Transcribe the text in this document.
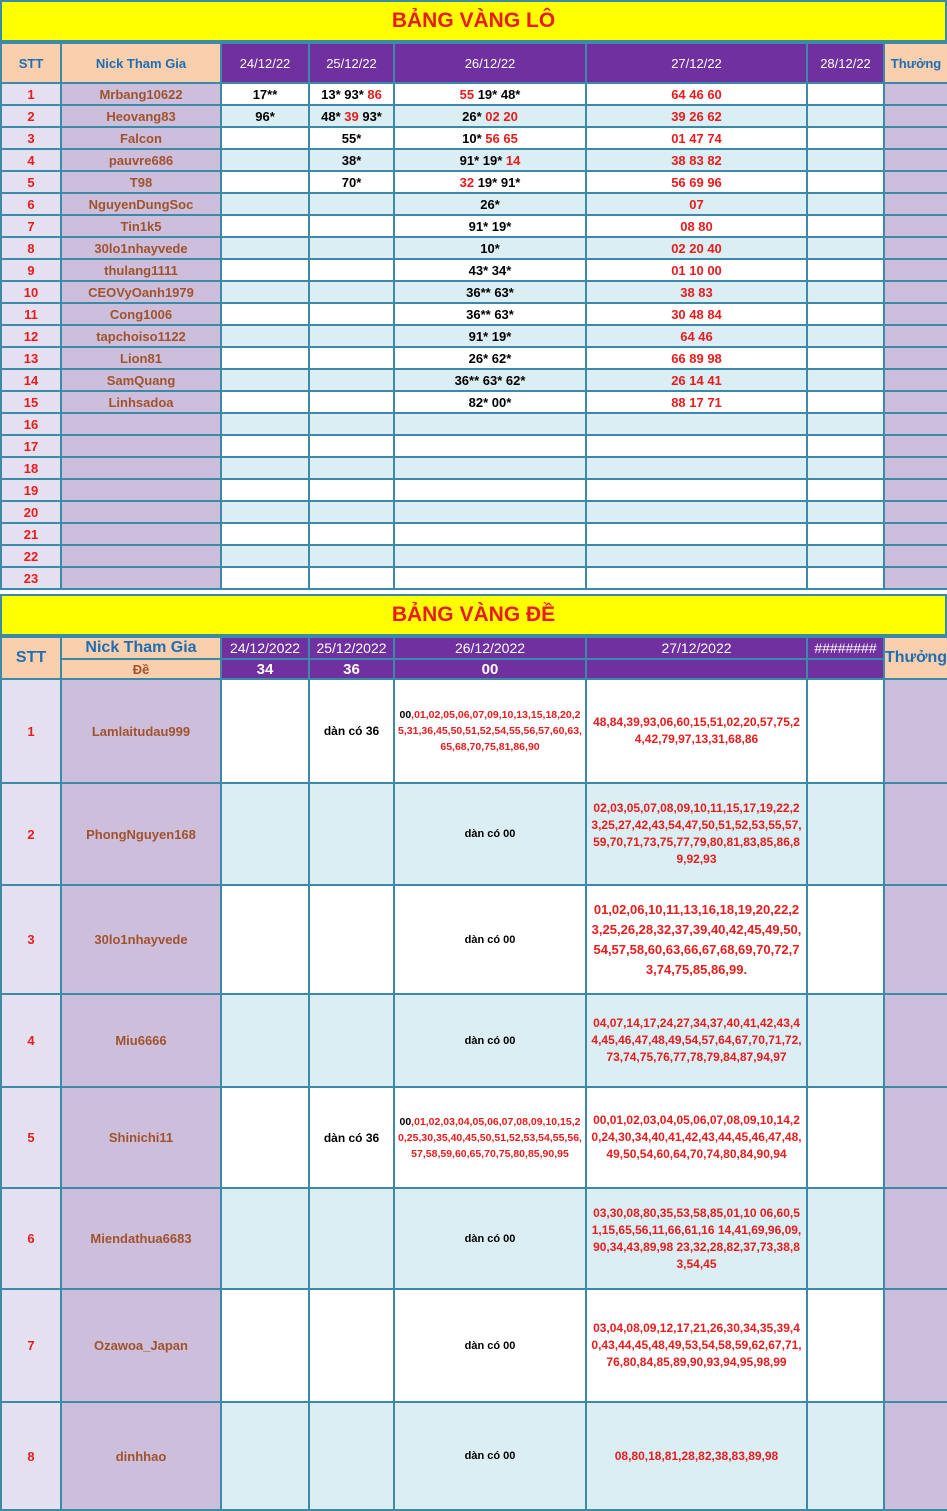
BẢNG VÀNG LÔ
STT	Nick Tham Gia	24/12/22	25/12/22	26/12/22	27/12/22	28/12/22	Thưởng
1	Mrbang10622	17**	13* 93* 86	55 19* 48*	64 46 60		
2	Heovang83	96*	48* 39 93*	26* 02 20	39 26 62		
3	Falcon		55*	10* 56 65	01 47 74		
4	pauvre686		38*	91* 19* 14	38 83 82		
5	T98		70*	32 19* 91*	56 69 96		
6	NguyenDungSoc			26*	07		
7	Tin1k5			91* 19*	08 80		
8	30lo1nhayvede			10*	02 20 40		
9	thulang1111			43* 34*	01 10 00		
10	CEOVyOanh1979			36** 63*	38 83		
11	Cong1006			36** 63*	30 48 84		
12	tapchoiso1122			91* 19*	64 46		
13	Lion81			26* 62*	66 89 98		
14	SamQuang			36** 63* 62*	26 14 41		
15	Linhsadoa			82* 00*	88 17 71		
16							
17							
18							
19							
20							
21							
22							
23							
BẢNG VÀNG ĐỀ
STT	Nick Tham Gia	24/12/2022	25/12/2022	26/12/2022	27/12/2022	########	Thưởng
	Đề	34	36	00			
1	Lamlaitudau999		dàn có 36	00,01,02,05,06,07,09,10,13,15,18,20,25,31,36,45,50,51,52,54,55,56,57,60,63,65,68,70,75,81,86,90	48,84,39,93,06,60,15,51,02,20,57,75,24,42,79,97,13,31,68,86		

2	PhongNguyen168			dàn có 00	02,03,05,07,08,09,10,11,15,17,19,22,23,25,27,42,43,54,47,50,51,52,53,55,57,59,70,71,73,75,77,79,80,81,83,85,86,89,92,93		

3	30lo1nhayvede			dàn có 00	01,02,06,10,11,13,16,18,19,20,22,23,25,26,28,32,37,39,40,42,45,49,50,54,57,58,60,63,66,67,68,69,70,72,73,74,75,85,86,99.		

4	Miu6666			dàn có 00	04,07,14,17,24,27,34,37,40,41,42,43,44,45,46,47,48,49,54,57,64,67,70,71,72,73,74,75,76,77,78,79,84,87,94,97		

5	Shinichi11		dàn có 36	00,01,02,03,04,05,06,07,08,09,10,15,20,25,30,35,40,45,50,51,52,53,54,55,56,57,58,59,60,65,70,75,80,85,90,95	00,01,02,03,04,05,06,07,08,09,10,14,20,24,30,34,40,41,42,43,44,45,46,47,48,49,50,54,60,64,70,74,80,84,90,94		

6	Miendathua6683			dàn có 00	03,30,08,80,35,53,58,85,01,10 06,60,51,15,65,56,11,66,61,16 14,41,69,96,09,90,34,43,89,98 23,32,28,82,37,73,38,83,54,45		

7	Ozawoa_Japan			dàn có 00	03,04,08,09,12,17,21,26,30,34,35,39,40,43,44,45,48,49,53,54,58,59,62,67,71,76,80,84,85,89,90,93,94,95,98,99		

8	dinhhao			dàn có 00	08,80,18,81,28,82,38,83,89,98		
